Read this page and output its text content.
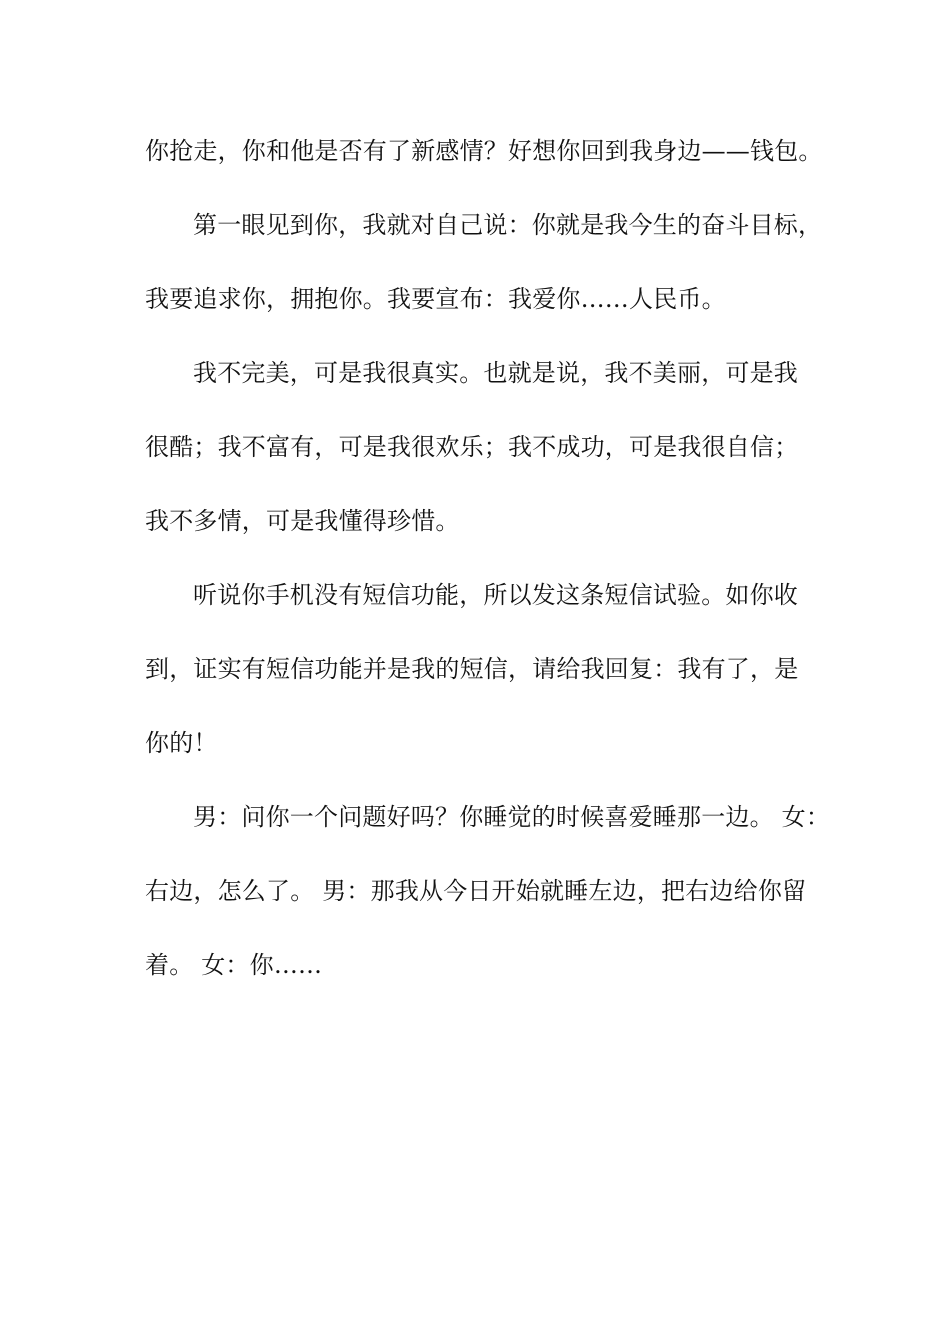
你抢走，你和他是否有了新感情？好想你回到我身边——钱包。
第一眼见到你，我就对自己说：你就是我今生的奋斗目标，
我要追求你，拥抱你。我要宣布：我爱你……人民币。
我不完美，可是我很真实。也就是说，我不美丽，可是我
很酷；我不富有，可是我很欢乐；我不成功，可是我很自信；
我不多情，可是我懂得珍惜。
听说你手机没有短信功能，所以发这条短信试验。如你收
到，证实有短信功能并是我的短信，请给我回复：我有了，是
你的！
男：问你一个问题好吗？你睡觉的时候喜爱睡那一边。 女：
右边，怎么了。 男：那我从今日开始就睡左边，把右边给你留
着。 女：你……
